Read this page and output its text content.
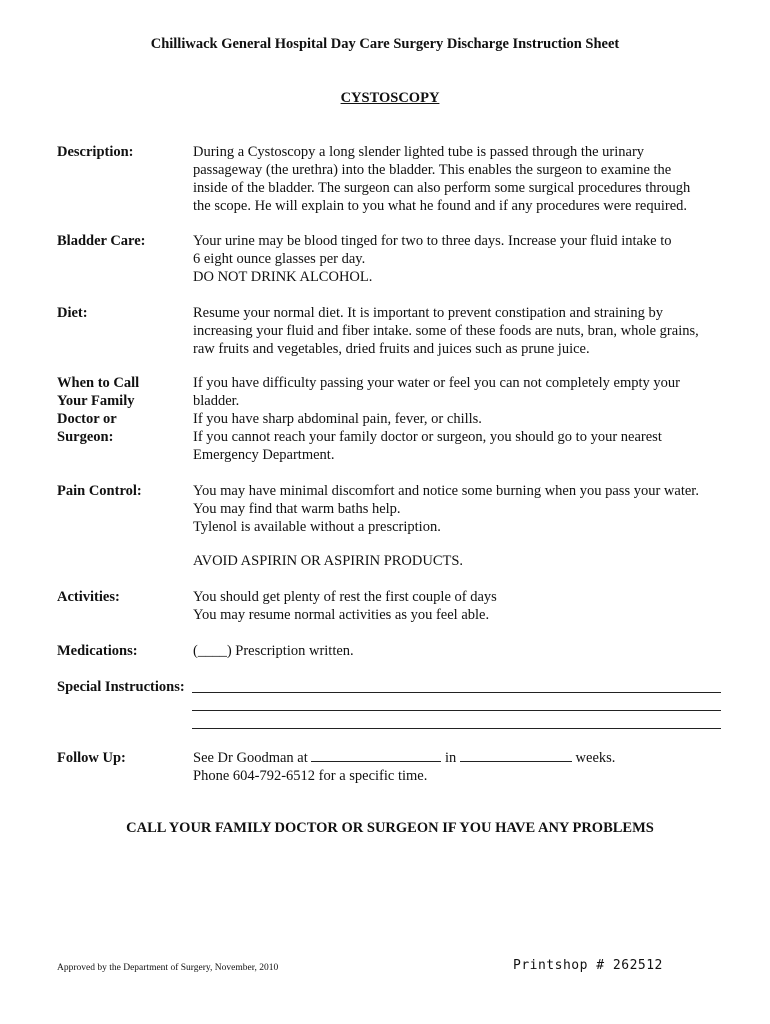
Chilliwack General Hospital Day Care Surgery Discharge Instruction Sheet
CYSTOSCOPY
Description:	During a Cystoscopy a long slender lighted tube is passed through the urinary
passageway (the urethra) into the bladder. This enables the surgeon to examine the
inside of the bladder. The surgeon can also perform some surgical procedures through
the scope. He will explain to you what he found and if any procedures were required.
Bladder Care:	Your urine may be blood tinged for two to three days. Increase your fluid intake to
6 eight ounce glasses per day.
DO NOT DRINK ALCOHOL.
Diet:	Resume your normal diet. It is important to prevent constipation and straining by
increasing your fluid and fiber intake. some of these foods are nuts, bran, whole grains,
raw fruits and vegetables, dried fruits and juices such as prune juice.
When to Call
Your Family
Doctor or
Surgeon:
If you have difficulty passing your water or feel you can not completely empty your
bladder.
If you have sharp abdominal pain, fever, or chills.
If you cannot reach your family doctor or surgeon, you should go to your nearest
Emergency Department.
Pain Control:	You may have minimal discomfort and notice some burning when you pass your water.
You may find that warm baths help.
Tylenol is available without a prescription.
AVOID ASPIRIN OR ASPIRIN PRODUCTS.
Activities:	You should get plenty of rest the first couple of days
You may resume normal activities as you feel able.
Medications:	(____) Prescription written.
Special Instructions:
Follow Up:	See Dr Goodman at	in	weeks.
Phone 604-792-6512 for a specific time.
CALL YOUR FAMILY DOCTOR OR SURGEON IF YOU HAVE ANY PROBLEMS
Approved by the Department of Surgery, November, 2010	Printshop # 262512
